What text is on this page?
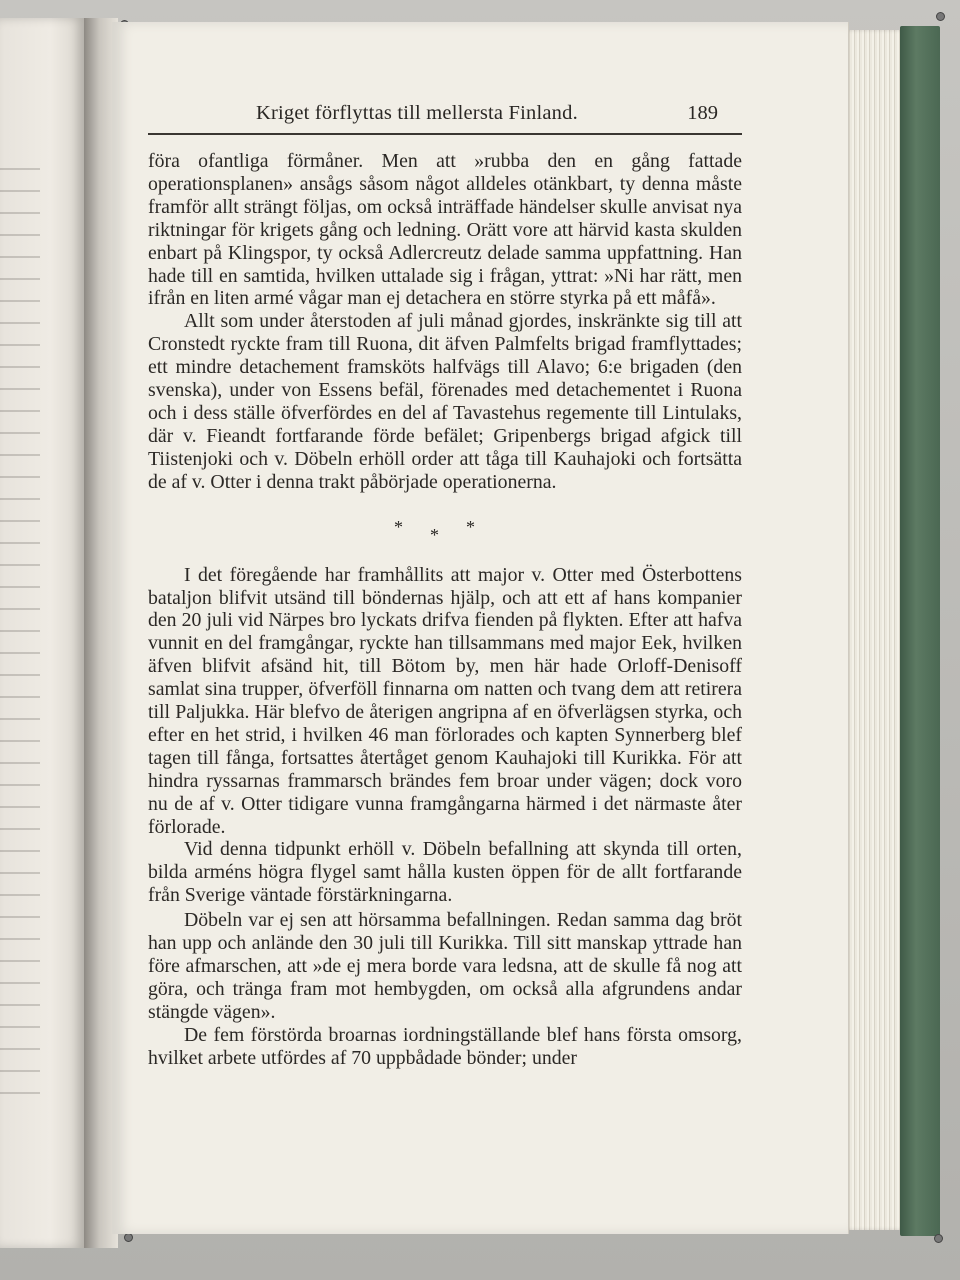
Kriget förflyttas till mellersta Finland.	189

föra ofantliga förmåner. Men att »rubba den en gång fattade operationsplanen» ansågs såsom något alldeles otänkbart, ty denna måste framför allt strängt följas, om också inträffade händelser skulle anvisat nya riktningar för krigets gång och ledning. Orätt vore att härvid kasta skulden enbart på Klingspor, ty också Adlercreutz delade samma uppfattning. Han hade till en samtida, hvilken uttalade sig i frågan, yttrat: »Ni har rätt, men ifrån en liten armé vågar man ej detachera en större styrka på ett måfå».

Allt som under återstoden af juli månad gjordes, inskränkte sig till att Cronstedt ryckte fram till Ruona, dit äfven Palmfelts brigad framflyttades; ett mindre detachement framsköts halfvägs till Alavo; 6:e brigaden (den svenska), under von Essens befäl, förenades med detachementet i Ruona och i dess ställe öfverfördes en del af Tavastehus regemente till Lintulaks, där v. Fieandt fortfarande förde befälet; Gripenbergs brigad afgick till Tiistenjoki och v. Döbeln erhöll order att tåga till Kauhajoki och fortsätta de af v. Otter i denna trakt påbörjade operationerna.

* * *

I det föregående har framhållits att major v. Otter med Österbottens bataljon blifvit utsänd till böndernas hjälp, och att ett af hans kompanier den 20 juli vid Närpes bro lyckats drifva fienden på flykten. Efter att hafva vunnit en del framgångar, ryckte han tillsammans med major Eek, hvilken äfven blifvit afsänd hit, till Bötom by, men här hade Orloff-Denisoff samlat sina trupper, öfverföll finnarna om natten och tvang dem att retirera till Paljukka. Här blefvo de återigen angripna af en öfverlägsen styrka, och efter en het strid, i hvilken 46 man förlorades och kapten Synnerberg blef tagen till fånga, fortsattes återtåget genom Kauhajoki till Kurikka. För att hindra ryssarnas frammarsch brändes fem broar under vägen; dock voro nu de af v. Otter tidigare vunna framgångarna härmed i det närmaste åter förlorade.

Vid denna tidpunkt erhöll v. Döbeln befallning att skynda till orten, bilda arméns högra flygel samt hålla kusten öppen för de allt fortfarande från Sverige väntade förstärkningarna.

Döbeln var ej sen att hörsamma befallningen. Redan samma dag bröt han upp och anlände den 30 juli till Kurikka. Till sitt manskap yttrade han före afmarschen, att »de ej mera borde vara ledsna, att de skulle få nog att göra, och tränga fram mot hembygden, om också alla afgrundens andar stängde vägen».

De fem förstörda broarnas iordningställande blef hans första omsorg, hvilket arbete utfördes af 70 uppbådade bönder; under
